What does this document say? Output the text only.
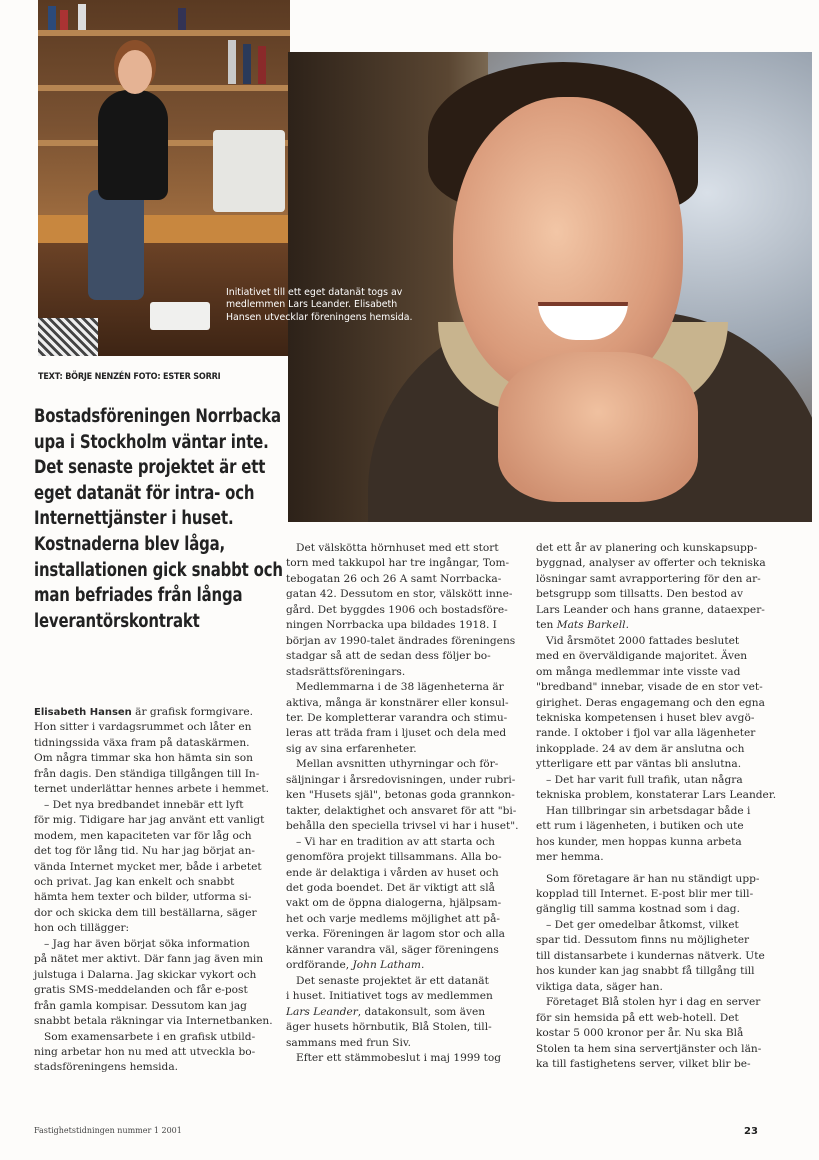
Initiativet till ett eget datanät togs av
medlemmen Lars Leander. Elisabeth
Hansen utvecklar föreningens hemsida.
TEXT: BÖRJE NENZÉN FOTO: ESTER SORRI
Bostadsföreningen Norrbacka
upa i Stockholm väntar inte.
Det senaste projektet är ett
eget datanät för intra- och
Internettjänster i huset.
Kostnaderna blev låga,
installationen gick snabbt och
man befriades från långa
leverantörskontrakt

Elisabeth Hansen är grafisk formgivare.

Hon sitter i vardagsrummet och låter en

tidningssida växa fram på dataskärmen.

Om några timmar ska hon hämta sin son

från dagis. Den ständiga tillgången till In-

ternet underlättar hennes arbete i hemmet.

– Det nya bredbandet innebär ett lyft

för mig. Tidigare har jag använt ett vanligt

modem, men kapaciteten var för låg och

det tog för lång tid. Nu har jag börjat an-

vända Internet mycket mer, både i arbetet

och privat. Jag kan enkelt och snabbt

hämta hem texter och bilder, utforma si-

dor och skicka dem till beställarna, säger

hon och tillägger:

– Jag har även börjat söka information

på nätet mer aktivt. Där fann jag även min

julstuga i Dalarna. Jag skickar vykort och

gratis SMS-meddelanden och får e-post

från gamla kompisar. Dessutom kan jag

snabbt betala räkningar via Internetbanken.

Som examensarbete i en grafisk utbild-

ning arbetar hon nu med att utveckla bo-

stadsföreningens hemsida.

Det välskötta hörnhuset med ett stort

torn med takkupol har tre ingångar, Tom-

tebogatan 26 och 26 A samt Norrbacka-

gatan 42. Dessutom en stor, välskött inne-

gård. Det byggdes 1906 och bostadsföre-

ningen Norrbacka upa bildades 1918. I

början av 1990-talet ändrades föreningens

stadgar så att de sedan dess följer bo-

stadsrättsföreningars.

Medlemmarna i de 38 lägenheterna är

aktiva, många är konstnärer eller konsul-

ter. De kompletterar varandra och stimu-

leras att träda fram i ljuset och dela med

sig av sina erfarenheter.

Mellan avsnitten uthyrningar och för-

säljningar i årsredovisningen, under rubri-

ken "Husets själ", betonas goda grannkon-

takter, delaktighet och ansvaret för att "bi-

behålla den speciella trivsel vi har i huset".

– Vi har en tradition av att starta och

genomföra projekt tillsammans. Alla bo-

ende är delaktiga i vården av huset och

det goda boendet. Det är viktigt att slå

vakt om de öppna dialogerna, hjälpsam-

het och varje medlems möjlighet att på-

verka. Föreningen är lagom stor och alla

känner varandra väl, säger föreningens

ordförande, John Latham.

Det senaste projektet är ett datanät

i huset. Initiativet togs av medlemmen

Lars Leander, datakonsult, som även

äger husets hörnbutik, Blå Stolen, till-

sammans med frun Siv.

Efter ett stämmobeslut i maj 1999 tog

det ett år av planering och kunskapsupp-

byggnad, analyser av offerter och tekniska

lösningar samt avrapportering för den ar-

betsgrupp som tillsatts. Den bestod av

Lars Leander och hans granne, dataexper-

ten Mats Barkell.

Vid årsmötet 2000 fattades beslutet

med en överväldigande majoritet. Även

om många medlemmar inte visste vad

"bredband" innebar, visade de en stor vet-

girighet. Deras engagemang och den egna

tekniska kompetensen i huset blev avgö-

rande. I oktober i fjol var alla lägenheter

inkopplade. 24 av dem är anslutna och

ytterligare ett par väntas bli anslutna.

– Det har varit full trafik, utan några

tekniska problem, konstaterar Lars Leander.

Han tillbringar sin arbetsdagar både i

ett rum i lägenheten, i butiken och ute

hos kunder, men hoppas kunna arbeta

mer hemma.

Som företagare är han nu ständigt upp-

kopplad till Internet. E-post blir mer till-

gänglig till samma kostnad som i dag.

– Det ger omedelbar åtkomst, vilket

spar tid. Dessutom finns nu möjligheter

till distansarbete i kundernas nätverk. Ute

hos kunder kan jag snabbt få tillgång till

viktiga data, säger han.

Företaget Blå stolen hyr i dag en server

för sin hemsida på ett web-hotell. Det

kostar 5 000 kronor per år. Nu ska Blå

Stolen ta hem sina servertjänster och län-

ka till fastighetens server, vilket blir be-

Fastighetstidningen nummer 1 2001	23
